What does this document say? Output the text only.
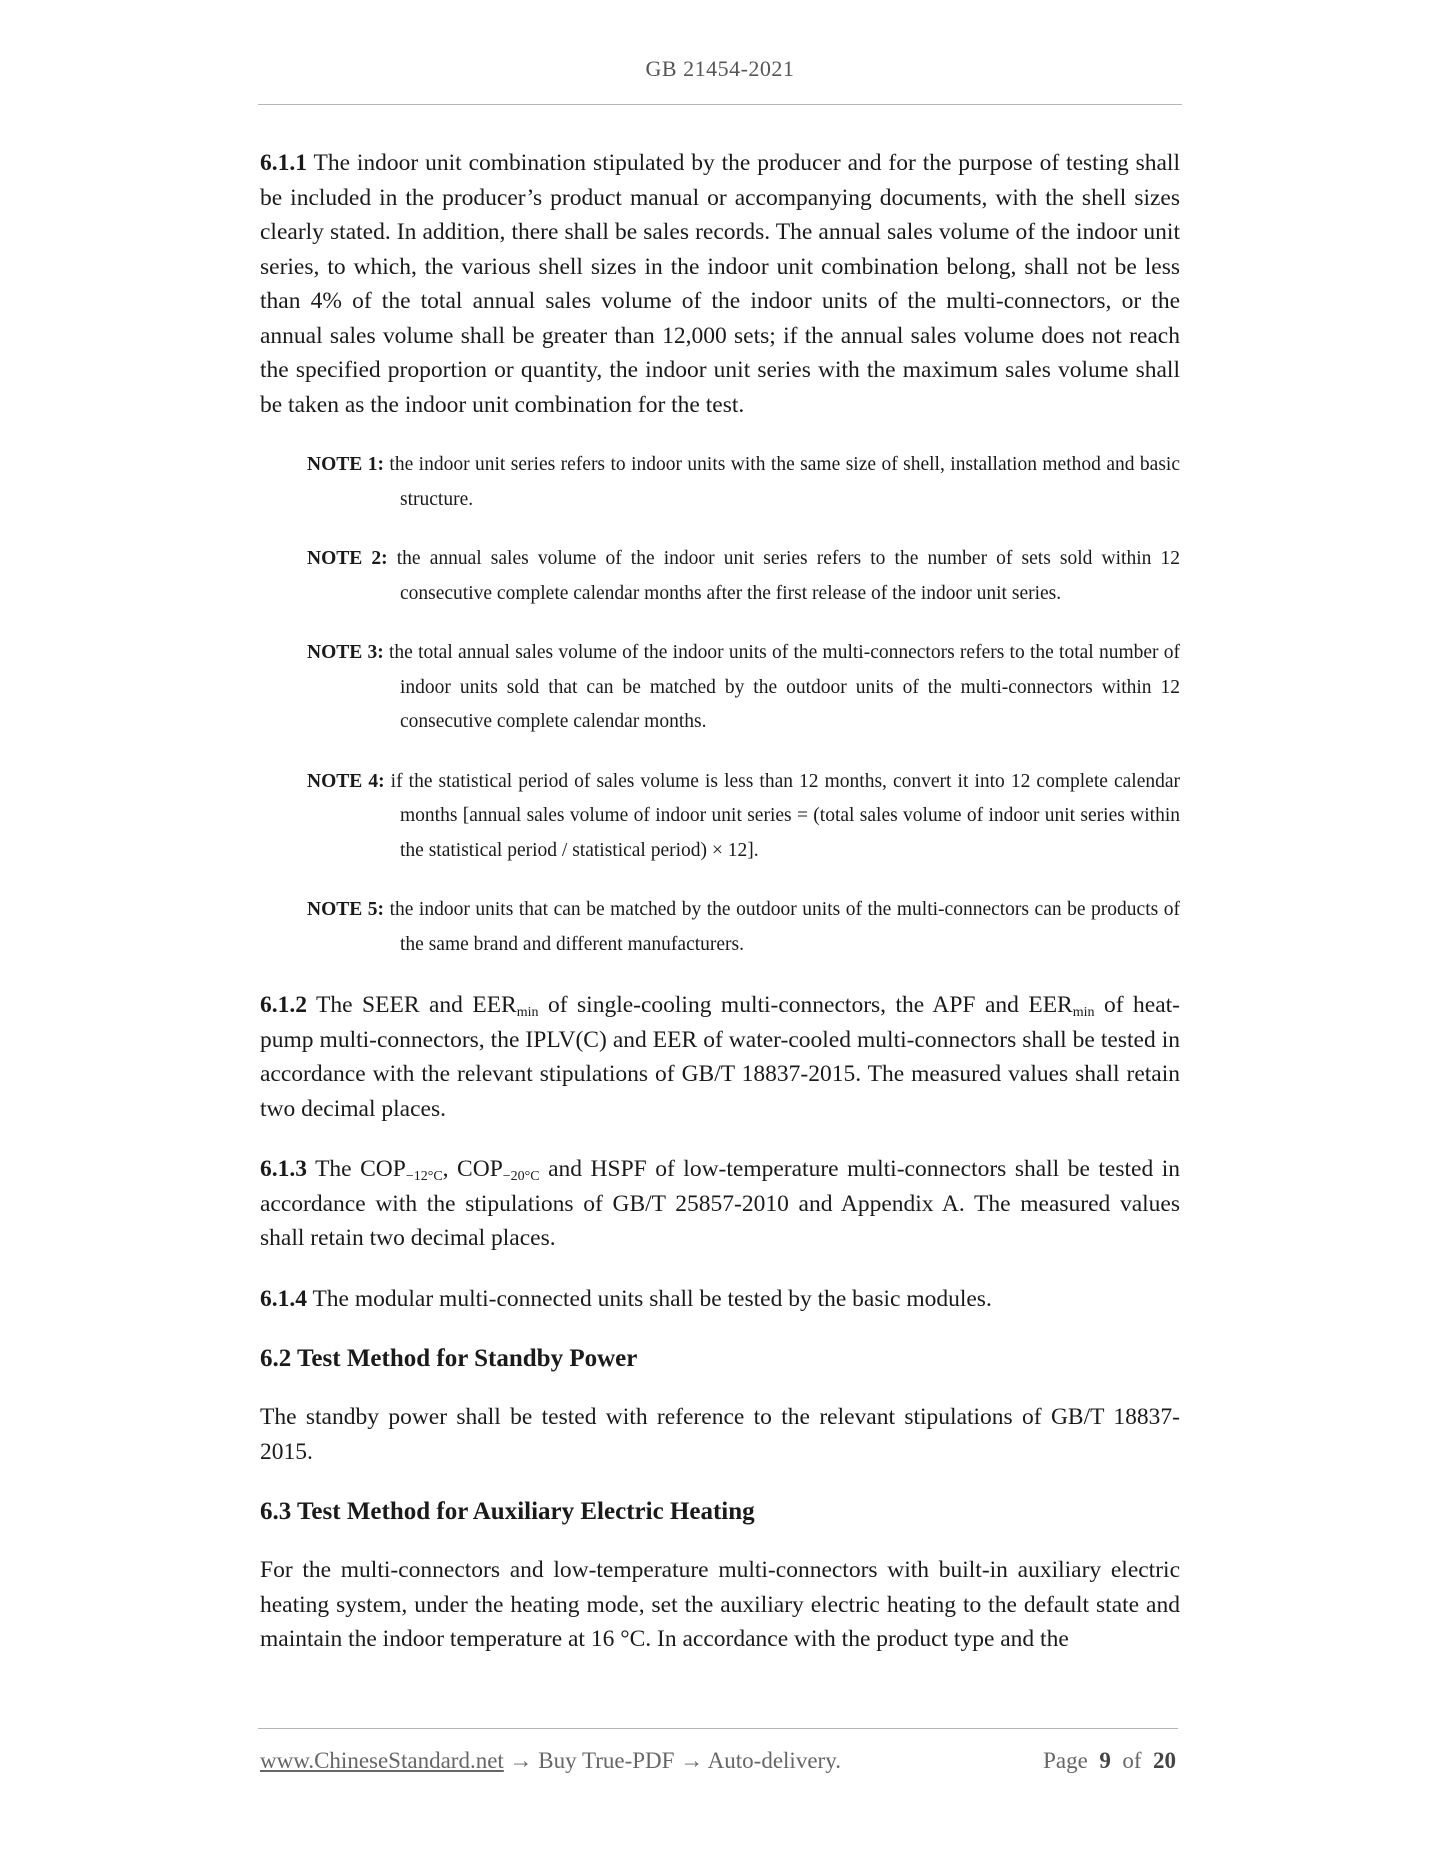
GB 21454-2021

6.1.1 The indoor unit combination stipulated by the producer and for the purpose of testing shall be included in the producer’s product manual or accompanying documents, with the shell sizes clearly stated. In addition, there shall be sales records. The annual sales volume of the indoor unit series, to which, the various shell sizes in the indoor unit combination belong, shall not be less than 4% of the total annual sales volume of the indoor units of the multi-connectors, or the annual sales volume shall be greater than 12,000 sets; if the annual sales volume does not reach the specified proportion or quantity, the indoor unit series with the maximum sales volume shall be taken as the indoor unit combination for the test.

NOTE 1: the indoor unit series refers to indoor units with the same size of shell, installation method and basic structure.
NOTE 2: the annual sales volume of the indoor unit series refers to the number of sets sold within 12 consecutive complete calendar months after the first release of the indoor unit series.
NOTE 3: the total annual sales volume of the indoor units of the multi-connectors refers to the total number of indoor units sold that can be matched by the outdoor units of the multi-connectors within 12 consecutive complete calendar months.
NOTE 4: if the statistical period of sales volume is less than 12 months, convert it into 12 complete calendar months [annual sales volume of indoor unit series = (total sales volume of indoor unit series within the statistical period / statistical period) × 12].
NOTE 5: the indoor units that can be matched by the outdoor units of the multi-connectors can be products of the same brand and different manufacturers.

6.1.2 The SEER and $EER_{min}$ of single-cooling multi-connectors, the APF and $EER_{min}$ of heat-pump multi-connectors, the IPLV(C) and EER of water-cooled multi-connectors shall be tested in accordance with the relevant stipulations of GB/T 18837-2015. The measured values shall retain two decimal places.

6.1.3 The $COP_{-12^\circ C}$, $COP_{-20^\circ C}$ and HSPF of low-temperature multi-connectors shall be tested in accordance with the stipulations of GB/T 25857-2010 and Appendix A. The measured values shall retain two decimal places.

6.1.4 The modular multi-connected units shall be tested by the basic modules.

6.2 Test Method for Standby Power

The standby power shall be tested with reference to the relevant stipulations of GB/T 18837-2015.

6.3 Test Method for Auxiliary Electric Heating

For the multi-connectors and low-temperature multi-connectors with built-in auxiliary electric heating system, under the heating mode, set the auxiliary electric heating to the default state and maintain the indoor temperature at 16 °C. In accordance with the product type and the

www.ChineseStandard.net → Buy True-PDF → Auto-delivery.	Page 9 of 20
